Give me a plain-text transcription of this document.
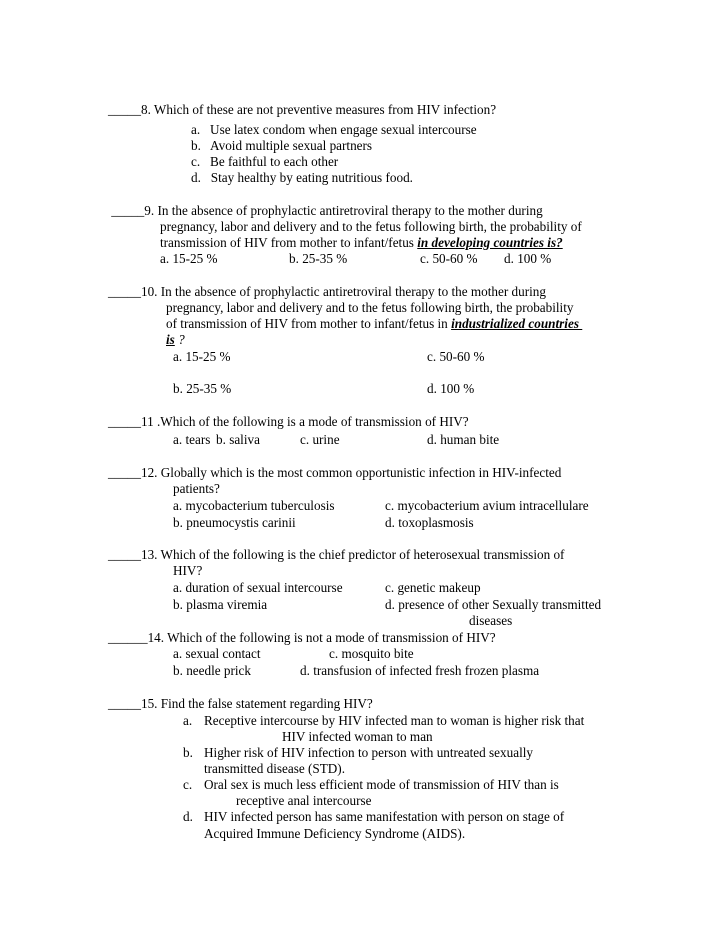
_____8. Which of these are not preventive measures from HIV infection?
a.   Use latex condom when engage sexual intercourse
b.   Avoid multiple sexual partners
c.   Be faithful to each other
d.   Stay healthy by eating nutritious food.
_____9. In the absence of prophylactic antiretroviral therapy to the mother during
pregnancy, labor and delivery and to the fetus following birth, the probability of
transmission of HIV from mother to infant/fetus in developing countries is?
a. 15-25 %	b. 25-35 %	c. 50-60 % d. 100 %
_____10. In the absence of prophylactic antiretroviral therapy to the mother during
pregnancy, labor and delivery and to the fetus following birth, the probability
of transmission of HIV from mother to infant/fetus in industrialized countries
is ?
a. 15-25 %	c. 50-60 %
b. 25-35 %	d. 100 %
_____11 .Which of the following is a mode of transmission of HIV?
a. tears b. saliva	c. urine	d. human bite
_____12. Globally which is the most common opportunistic infection in HIV-infected
patients?
a. mycobacterium tuberculosis	c. mycobacterium avium intracellulare
b. pneumocystis carinii	d. toxoplasmosis
_____13. Which of the following is the chief predictor of heterosexual transmission of
HIV?
a. duration of sexual intercourse	c. genetic makeup
b. plasma viremia	d. presence of other Sexually transmitted
diseases
______14. Which of the following is not a mode of transmission of HIV?
a. sexual contact	c. mosquito bite
b. needle prick	d. transfusion of infected fresh frozen plasma
_____15. Find the false statement regarding HIV?
a. Receptive intercourse by HIV infected man to woman is higher risk that
HIV infected woman to man
b. Higher risk of HIV infection to person with untreated sexually
transmitted disease (STD).
c. Oral sex is much less efficient mode of transmission of HIV than is
receptive anal intercourse
d. HIV infected person has same manifestation with person on stage of
Acquired Immune Deficiency Syndrome (AIDS).
